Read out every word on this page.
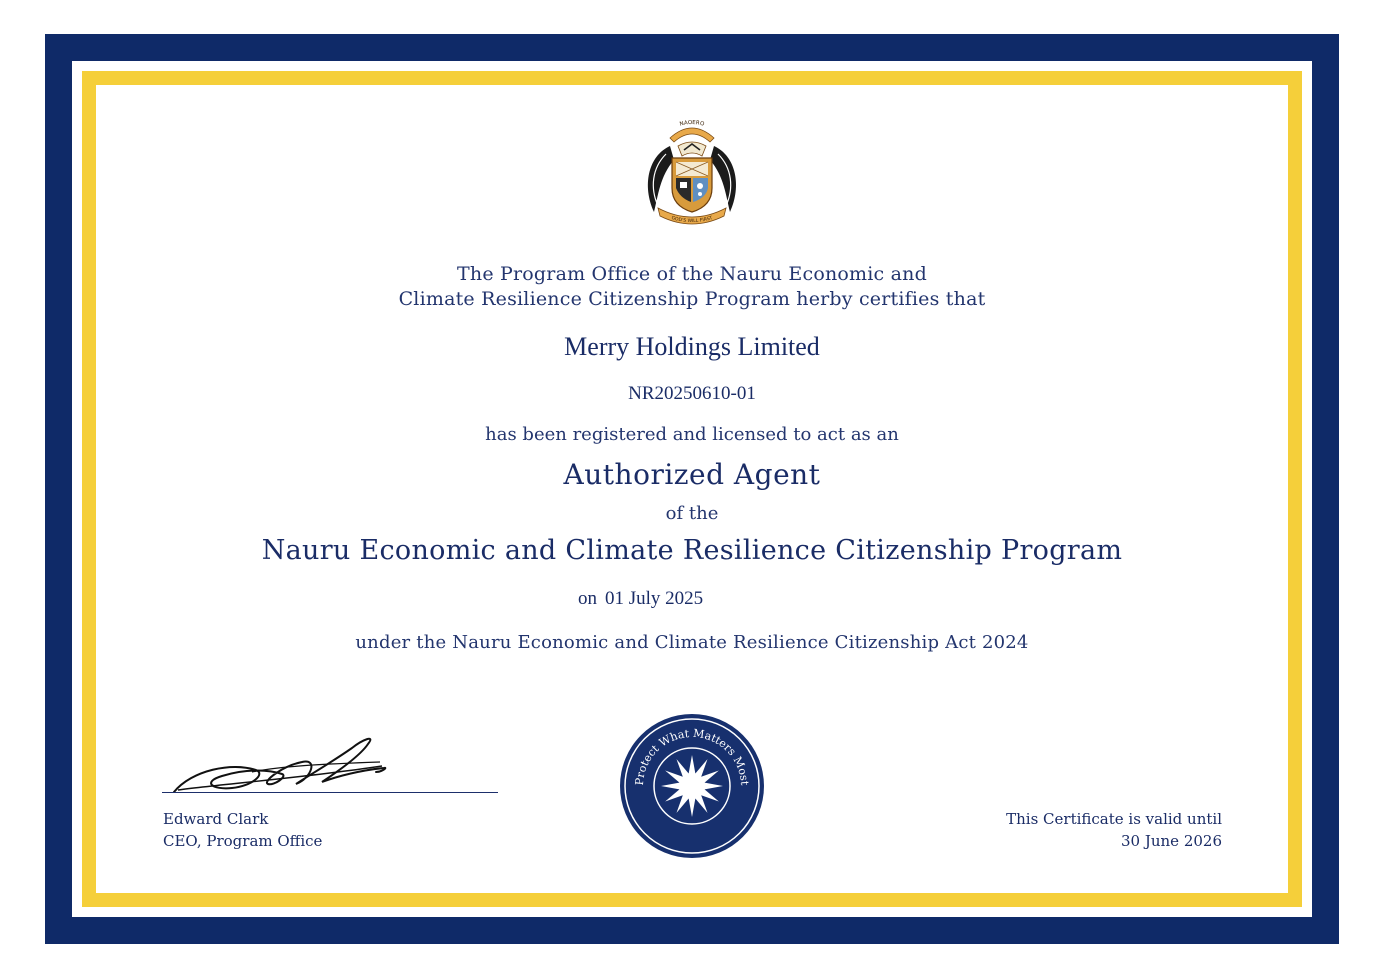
NAOERO
GOD'S WILL FIRST
The Program Office of the Nauru Economic and
Climate Resilience Citizenship Program herby certifies that
Merry Holdings Limited
NR20250610-01
has been registered and licensed to act as an
Authorized Agent
of the
Nauru Economic and Climate Resilience Citizenship Program
on 01 July 2025
under the Nauru Economic and Climate Resilience Citizenship Act 2024
Edward Clark
CEO, Program Office
Protect What Matters Most
This Certificate is valid until
30 June 2026
